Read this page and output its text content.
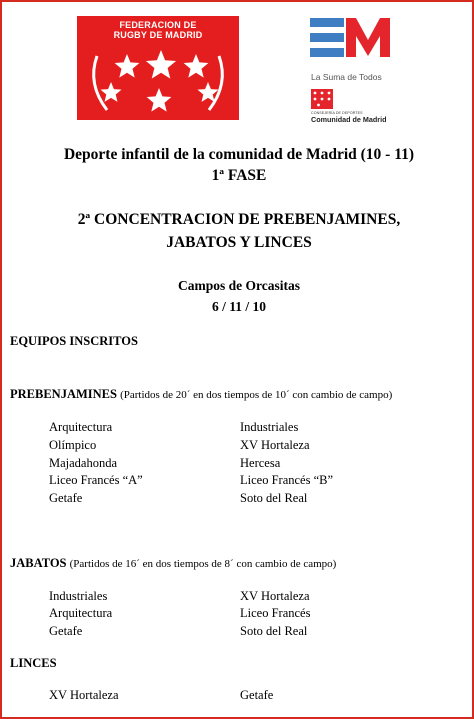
FEDERACION DE
RUGBY DE MADRID
La Suma de Todos
CONSEJERÍA DE DEPORTES
Comunidad de Madrid
Deporte infantil de la comunidad de Madrid (10 - 11)
1ª FASE
2ª CONCENTRACION DE PREBENJAMINES,
JABATOS Y LINCES
Campos de Orcasitas
6 / 11 / 10
EQUIPOS INSCRITOS
PREBENJAMINES (Partidos de 20´ en dos tiempos de 10´ con cambio de campo)
Arquitectura
Olímpico
Majadahonda
Liceo Francés “A”
Getafe
Industriales
XV Hortaleza
Hercesa
Liceo Francés “B”
Soto del Real
JABATOS (Partidos de 16´ en dos tiempos de 8´ con cambio de campo)
Industriales
Arquitectura
Getafe
XV Hortaleza
Liceo Francés
Soto del Real
LINCES
XV Hortaleza	Getafe
